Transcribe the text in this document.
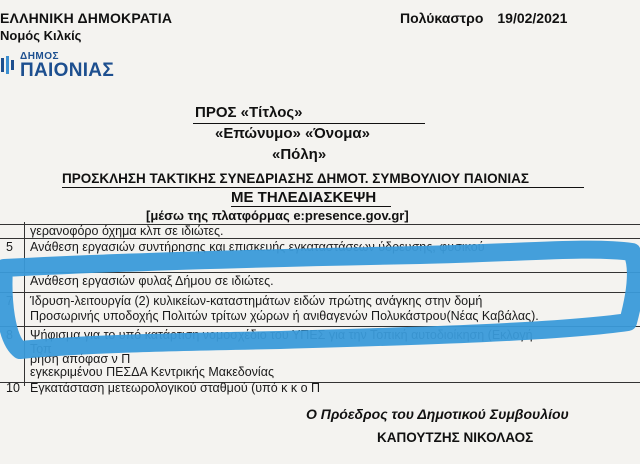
ΕΛΛΗΝΙΚΗ ΔΗΜΟΚΡΑΤΙΑ
Νομός Κιλκίς
Πολύκαστρο 19/02/2021
ΔΗΜΟΣ
ΠΑΙΟΝΙΑΣ
ΠΡΟΣ «Τίτλος»
«Επώνυμο» «Όνομα»
«Πόλη»
ΠΡΟΣΚΛΗΣΗ ΤΑΚΤΙΚΗΣ ΣΥΝΕΔΡΙΑΣΗΣ ΔΗΜΟΤ. ΣΥΜΒΟΥΛΙΟΥ ΠΑΙΟΝΙΑΣ
ΜΕ ΤΗΛΕΔΙΑΣΚΕΨΗ
[μέσω της πλατφόρμας e:presence.gov.gr]
γερανοφόρο όχημα κλπ σε ιδιώτες.
5 Ανάθεση εργασιών συντήρησης και επισκευής εγκαταστάσεων ύδρευσης, φυσικού
Ανάθεση εργασιών φυλαξ Δήμου σε ιδιώτες.
7 Ίδρυση-λειτουργία (2) κυλικείων-καταστημάτων ειδών πρώτης ανάγκης στην δομή
Προσωρινής υποδοχής Πολιτών τρίτων χώρων ή ανιθαγενών Πολυκάστρου(Νέας Καβάλας).
8 Ψήφισμα για το υπό κατάρτιση νομοσχέδιο του ΥΠΕΣ για την Τοπική αυτοδιοίκηση (Εκλογή
Τοπ
ρήση απόφασ ν Π
εγκεκριμένου ΠΕΣΔΑ Κεντρικής Μακεδονίας
10 Εγκατάσταση μετεωρολογικού σταθμού (υπό κ κ ο Π
Ο Πρόεδρος του Δημοτικού Συμβουλίου
ΚΑΠΟΥΤΖΗΣ ΝΙΚΟΛΑΟΣ
